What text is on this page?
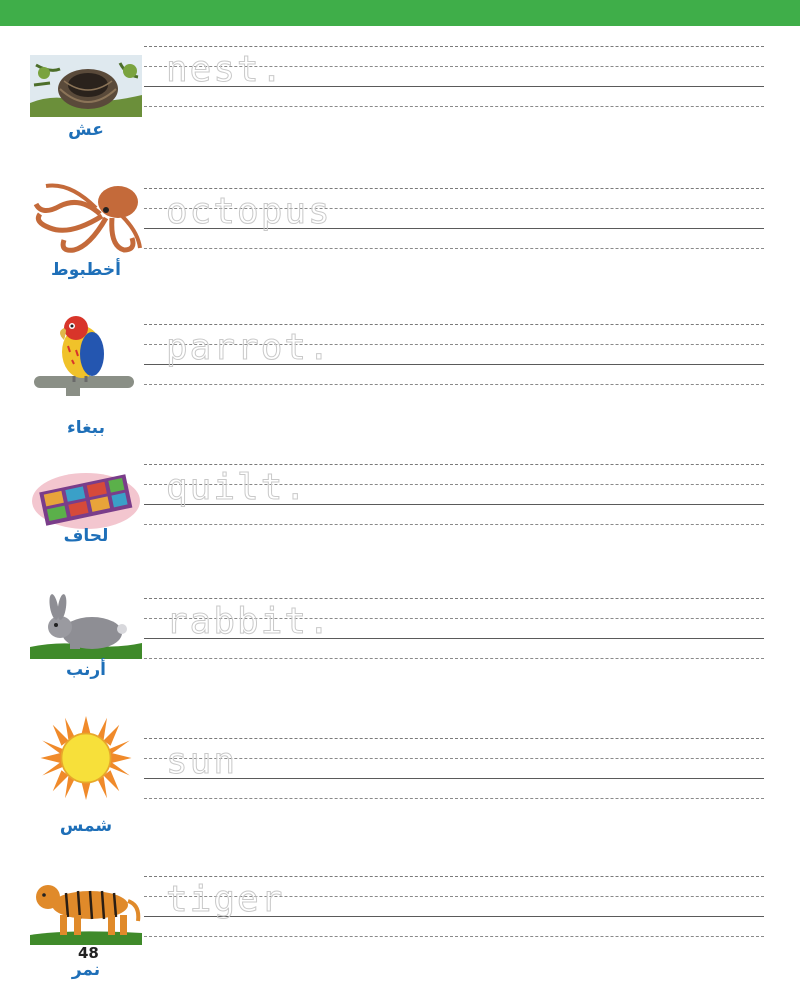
عش
nest.
أخطبوط
octopus
ببغاء
parrot.
لحاف
quilt.
أرنب
rabbit.
شمس
sun
نمر
tiger
48
